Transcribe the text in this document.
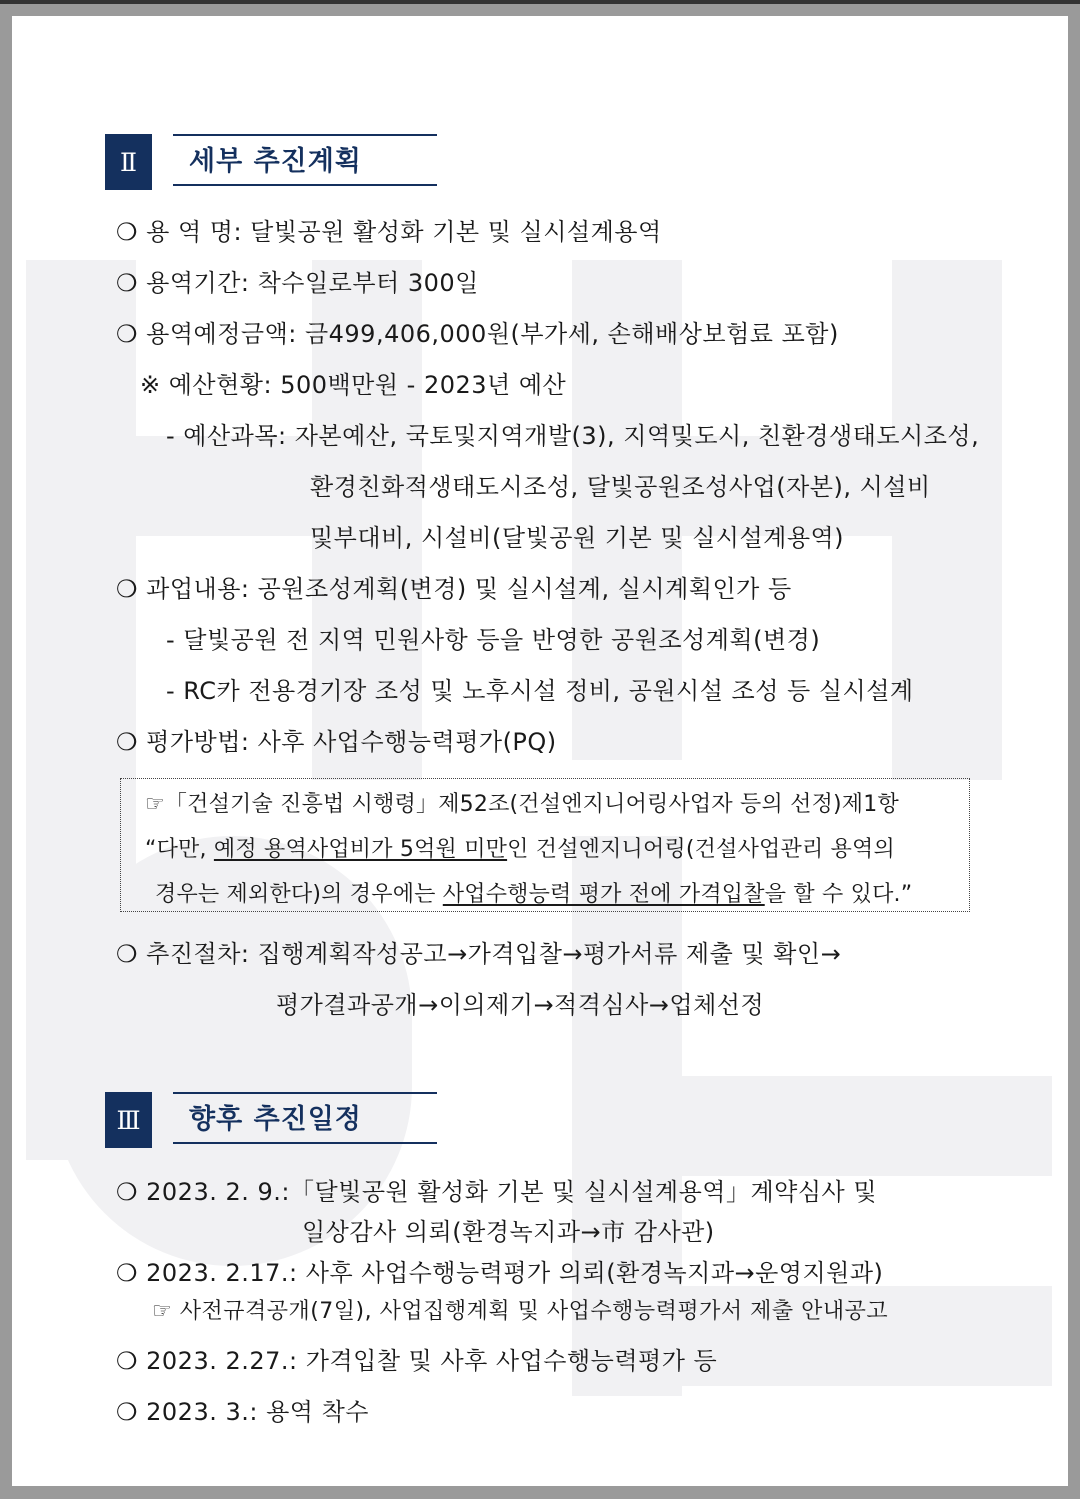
Ⅱ	세부 추진계획
❍ 용 역 명: 달빛공원 활성화 기본 및 실시설계용역
❍ 용역기간: 착수일로부터 300일
❍ 용역예정금액: 금499,406,000원(부가세, 손해배상보험료 포함)
※ 예산현황: 500백만원 - 2023년 예산
- 예산과목: 자본예산, 국토및지역개발(3), 지역및도시, 친환경생태도시조성,
환경친화적생태도시조성, 달빛공원조성사업(자본), 시설비
및부대비, 시설비(달빛공원 기본 및 실시설계용역)
❍ 과업내용: 공원조성계획(변경) 및 실시설계, 실시계획인가 등
- 달빛공원 전 지역 민원사항 등을 반영한 공원조성계획(변경)
- RC카 전용경기장 조성 및 노후시설 정비, 공원시설 조성 등 실시설계
❍ 평가방법: 사후 사업수행능력평가(PQ)
☞「건설기술 진흥법 시행령」제52조(건설엔지니어링사업자 등의 선정)제1항
“다만, 예정 용역사업비가 5억원 미만인 건설엔지니어링(건설사업관리 용역의
경우는 제외한다)의 경우에는 사업수행능력 평가 전에 가격입찰을 할 수 있다.”
❍ 추진절차: 집행계획작성공고→가격입찰→평가서류 제출 및 확인→
평가결과공개→이의제기→적격심사→업체선정
Ⅲ	향후 추진일정
❍ 2023. 2. 9.:「달빛공원 활성화 기본 및 실시설계용역」계약심사 및
일상감사 의뢰(환경녹지과→市 감사관)
❍ 2023. 2.17.: 사후 사업수행능력평가 의뢰(환경녹지과→운영지원과)
☞ 사전규격공개(7일), 사업집행계획 및 사업수행능력평가서 제출 안내공고
❍ 2023. 2.27.: 가격입찰 및 사후 사업수행능력평가 등
❍ 2023. 3.: 용역 착수
